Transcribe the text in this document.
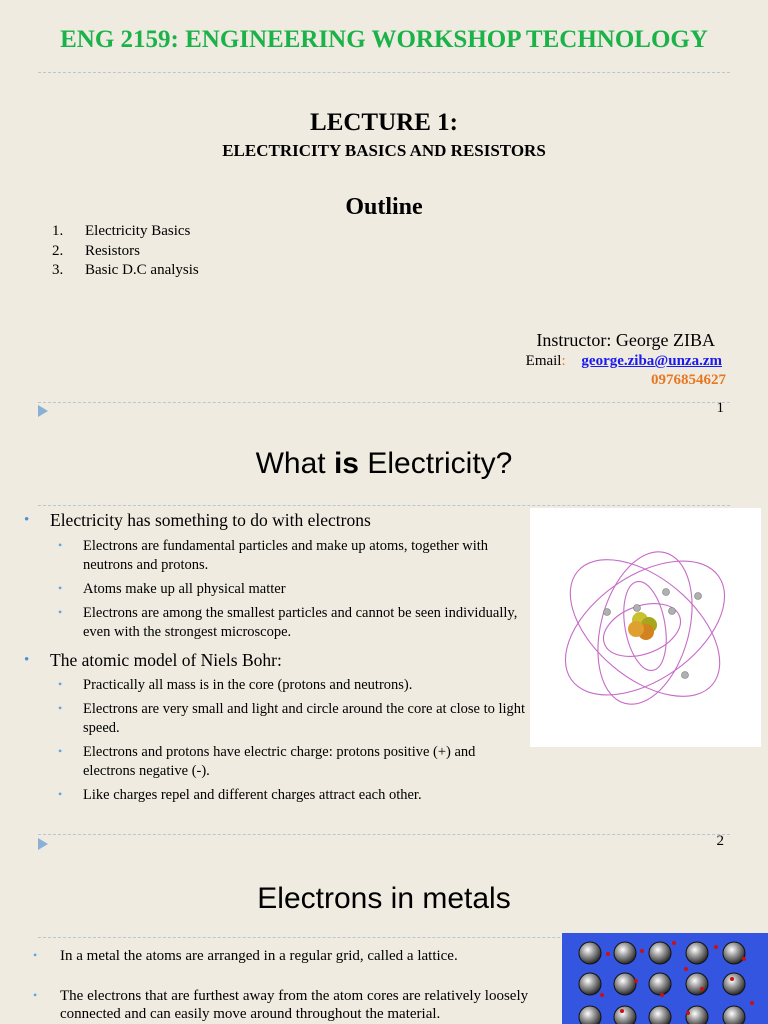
ENG 2159: ENGINEERING WORKSHOP TECHNOLOGY
LECTURE 1:
ELECTRICITY BASICS AND RESISTORS
Outline
1.	Electricity Basics
2.	Resistors
3.	Basic D.C analysis
Instructor: George ZIBA
Email: george.ziba@unza.zm
0976854627
1
What is Electricity?
• Electricity has something to do with electrons
• Electrons are fundamental particles and make up atoms, together with neutrons and protons.
• Atoms make up all physical matter
• Electrons are among the smallest particles and cannot be seen individually, even with the strongest microscope.
• The atomic model of Niels Bohr:
• Practically all mass is in the core (protons and neutrons).
• Electrons are very small and light and circle around the core at close to light speed.
• Electrons and protons have electric charge: protons positive (+) and electrons negative (-).
• Like charges repel and different charges attract each other.
2
Electrons in metals
• In a metal the atoms are arranged in a regular grid, called a lattice.
• The electrons that are furthest away from the atom cores are relatively loosely connected and can easily move around throughout the material.
